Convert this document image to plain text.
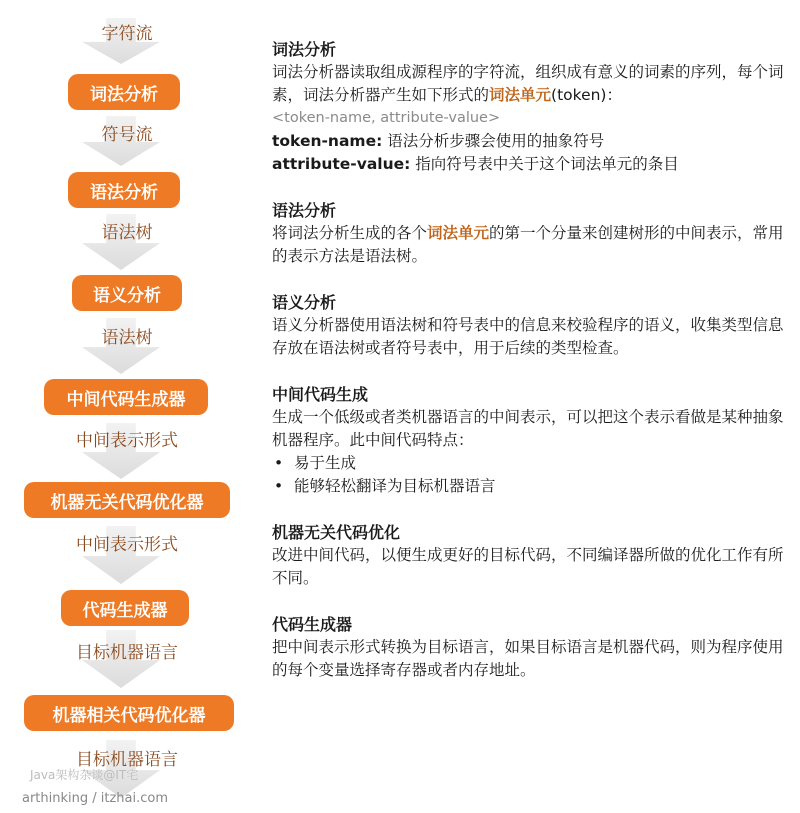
字符流
符号流
语法树
语法树
中间表示形式
中间表示形式
目标机器语言
目标机器语言
词法分析
语法分析
语义分析
中间代码生成器
机器无关代码优化器
代码生成器
机器相关代码优化器
Java架构杂谈@IT宅
arthinking / itzhai.com
词法分析

词法分析器读取组成源程序的字符流，组织成有意义的词素的序列，每个词素，词法分析器产生如下形式的词法单元(token)：

<token-name, attribute-value>
token-name: 语法分析步骤会使用的抽象符号
attribute-value: 指向符号表中关于这个词法单元的条目
语法分析

将词法分析生成的各个词法单元的第一个分量来创建树形的中间表示，常用的表示方法是语法树。

语义分析

语义分析器使用语法树和符号表中的信息来校验程序的语义，收集类型信息存放在语法树或者符号表中，用于后续的类型检查。

中间代码生成

生成一个低级或者类机器语言的中间表示，可以把这个表示看做是某种抽象机器程序。此中间代码特点：

• 易于生成
• 能够轻松翻译为目标机器语言
机器无关代码优化

改进中间代码，以便生成更好的目标代码，不同编译器所做的优化工作有所不同。

代码生成器

把中间表示形式转换为目标语言，如果目标语言是机器代码，则为程序使用的每个变量选择寄存器或者内存地址。
